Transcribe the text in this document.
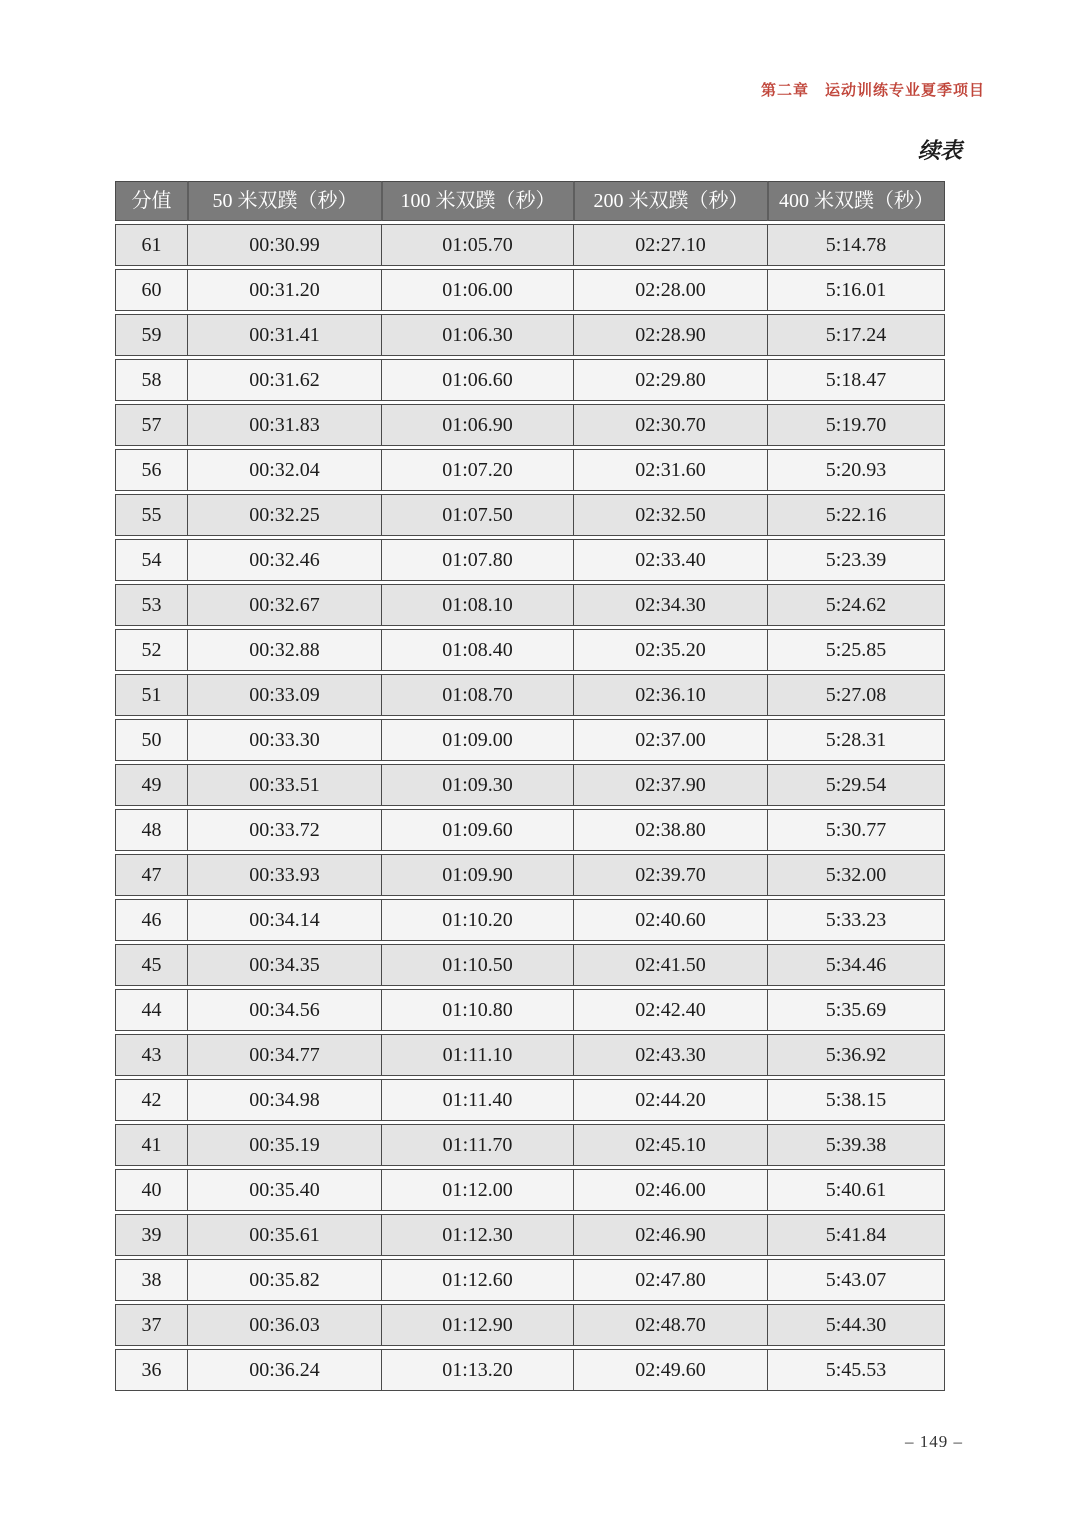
第二章　运动训练专业夏季项目
续表
分值	50 米双蹼（秒）	100 米双蹼（秒）	200 米双蹼（秒）	400 米双蹼（秒）
61	00:30.99	01:05.70	02:27.10	5:14.78
60	00:31.20	01:06.00	02:28.00	5:16.01
59	00:31.41	01:06.30	02:28.90	5:17.24
58	00:31.62	01:06.60	02:29.80	5:18.47
57	00:31.83	01:06.90	02:30.70	5:19.70
56	00:32.04	01:07.20	02:31.60	5:20.93
55	00:32.25	01:07.50	02:32.50	5:22.16
54	00:32.46	01:07.80	02:33.40	5:23.39
53	00:32.67	01:08.10	02:34.30	5:24.62
52	00:32.88	01:08.40	02:35.20	5:25.85
51	00:33.09	01:08.70	02:36.10	5:27.08
50	00:33.30	01:09.00	02:37.00	5:28.31
49	00:33.51	01:09.30	02:37.90	5:29.54
48	00:33.72	01:09.60	02:38.80	5:30.77
47	00:33.93	01:09.90	02:39.70	5:32.00
46	00:34.14	01:10.20	02:40.60	5:33.23
45	00:34.35	01:10.50	02:41.50	5:34.46
44	00:34.56	01:10.80	02:42.40	5:35.69
43	00:34.77	01:11.10	02:43.30	5:36.92
42	00:34.98	01:11.40	02:44.20	5:38.15
41	00:35.19	01:11.70	02:45.10	5:39.38
40	00:35.40	01:12.00	02:46.00	5:40.61
39	00:35.61	01:12.30	02:46.90	5:41.84
38	00:35.82	01:12.60	02:47.80	5:43.07
37	00:36.03	01:12.90	02:48.70	5:44.30
36	00:36.24	01:13.20	02:49.60	5:45.53
– 149 –
